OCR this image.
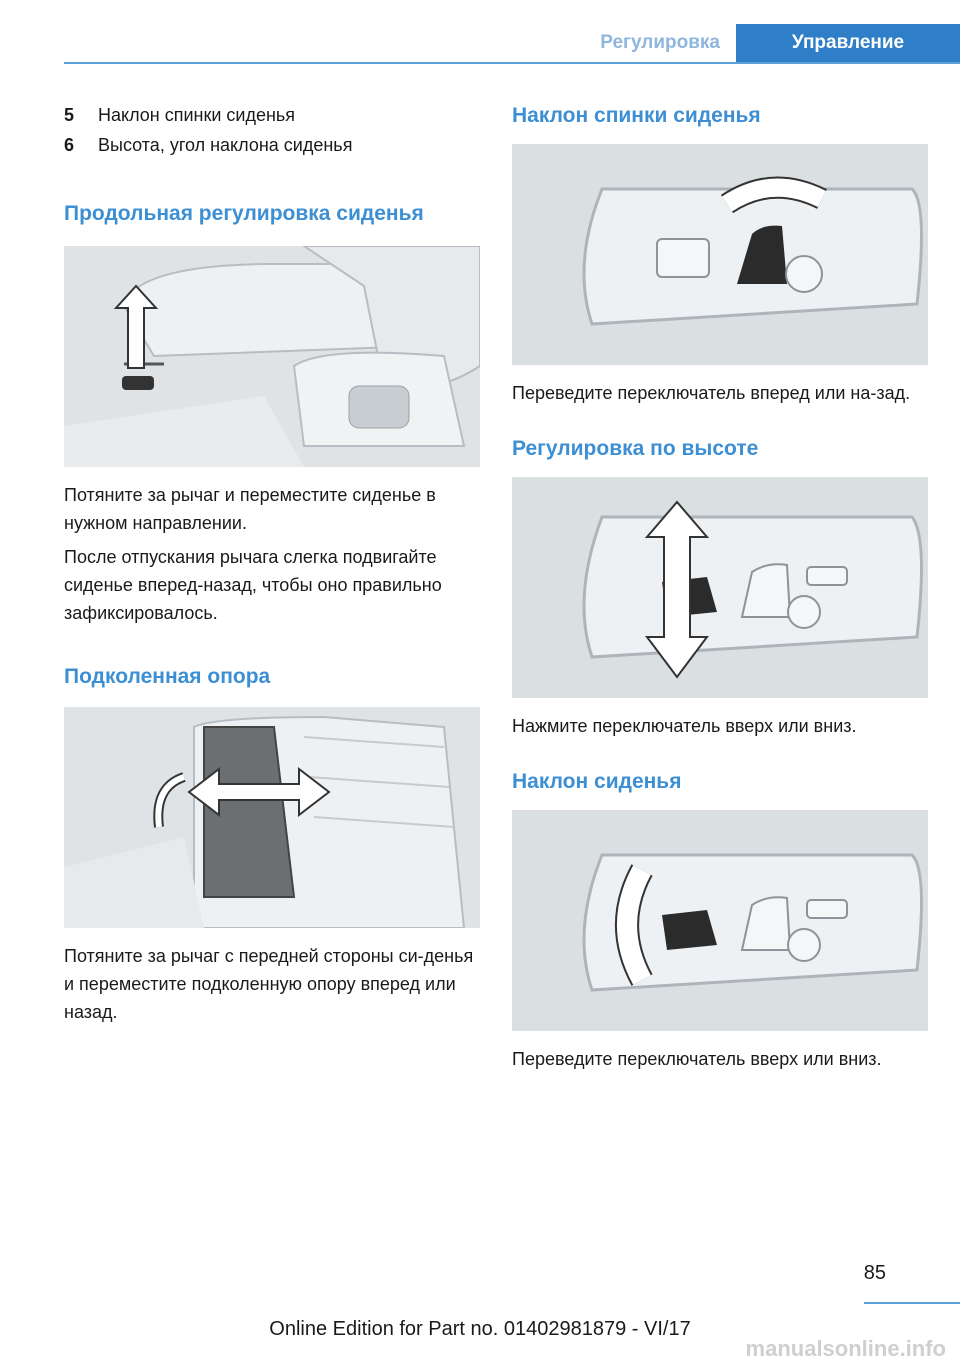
Регулировка	Управление
5	Наклон спинки сиденья
6	Высота, угол наклона сиденья
Продольная регулировка сиденья

Потяните за рычаг и переместите сиденье в нужном направлении.

После отпускания рычага слегка подвигайте сиденье вперед-назад, чтобы оно правильно зафиксировалось.

Подколенная опора

Потяните за рычаг с передней стороны си-денья и переместите подколенную опору вперед или назад.

Наклон спинки сиденья

Переведите переключатель вперед или на-зад.

Регулировка по высоте

Нажмите переключатель вверх или вниз.

Наклон сиденья

Переведите переключатель вверх или вниз.

85
Online Edition for Part no. 01402981879 - VI/17
manualsonline.info
